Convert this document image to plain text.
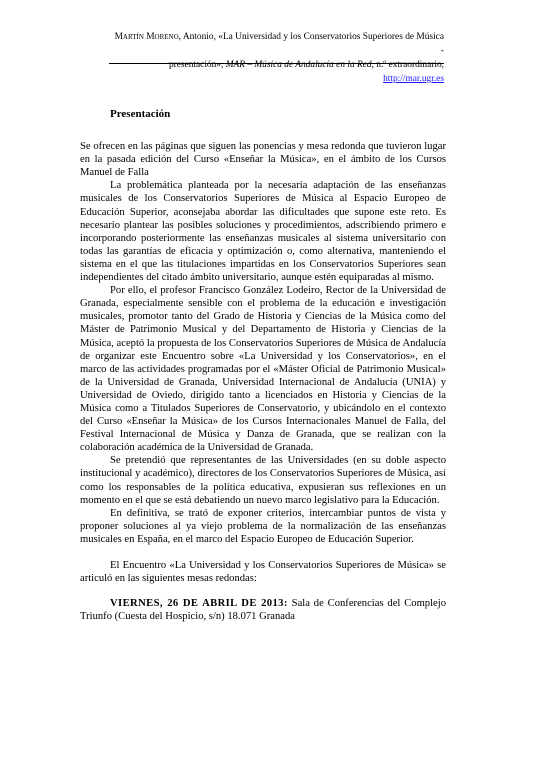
Martín Moreno, Antonio, «La Universidad y los Conservatorios Superiores de Música -
presentación», MAR – Música de Andalucía en la Red, n.º extraordinario, http://mar.ugr.es
Presentación

Se ofrecen en las páginas que siguen las ponencias y mesa redonda que tuvieron lugar en la pasada edición del Curso «Enseñar la Música», en el ámbito de los Cursos Manuel de Falla

La problemática planteada por la necesaria adaptación de las enseñanzas musicales de los Conservatorios Superiores de Música al Espacio Europeo de Educación Superior, aconsejaba abordar las dificultades que supone este reto. Es necesario plantear las posibles soluciones y procedimientos, adscribiendo primero e incorporando posteriormente las enseñanzas musicales al sistema universitario con todas las garantías de eficacia y optimización o, como alternativa, manteniendo el sistema en el que las titulaciones impartidas en los Conservatorios Superiores sean independientes del citado ámbito universitario, aunque estén equiparadas al mismo.

Por ello, el profesor Francisco González Lodeiro, Rector de la Universidad de Granada, especialmente sensible con el problema de la educación e investigación musicales, promotor tanto del Grado de Historia y Ciencias de la Música como del Máster de Patrimonio Musical y del Departamento de Historia y Ciencias de la Música, aceptó la propuesta de los Conservatorios Superiores de Música de Andalucía de organizar este Encuentro sobre «La Universidad y los Conservatorios», en el marco de las actividades programadas por el «Máster Oficial de Patrimonio Musical» de la Universidad de Granada, Universidad Internacional de Andalucía (UNIA) y Universidad de Oviedo, dirigido tanto a licenciados en Historia y Ciencias de la Música como a Titulados Superiores de Conservatorio, y ubicándolo en el contexto del Curso «Enseñar la Música» de los Cursos Internacionales Manuel de Falla, del Festival Internacional de Música y Danza de Granada, que se realizan con la colaboración académica de la Universidad de Granada.

Se pretendió que representantes de las Universidades (en su doble aspecto institucional y académico), directores de los Conservatorios Superiores de Música, así como los responsables de la política educativa, expusieran sus reflexiones en un momento en el que se está debatiendo un nuevo marco legislativo para la Educación.

En definitiva, se trató de exponer criterios, intercambiar puntos de vista y proponer soluciones al ya viejo problema de la normalización de las enseñanzas musicales en España, en el marco del Espacio Europeo de Educación Superior.

El Encuentro «La Universidad y los Conservatorios Superiores de Música» se articuló en las siguientes mesas redondas:

VIERNES, 26 DE ABRIL DE 2013: Sala de Conferencias del Complejo Triunfo (Cuesta del Hospicio, s/n) 18.071 Granada
